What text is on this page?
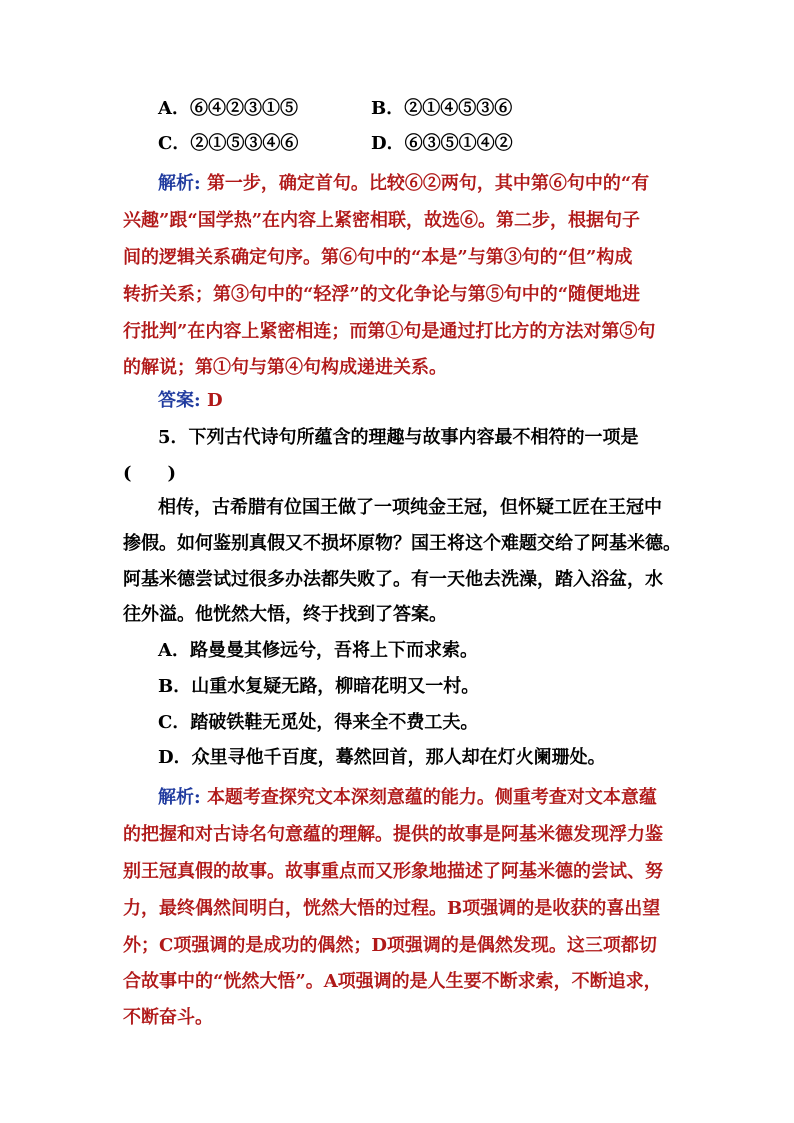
A．⑥④②③①⑤	B．②①④⑤③⑥
C．②①⑤③④⑥	D．⑥③⑤①④②
解析: 第一步，确定首句。比较⑥②两句，其中第⑥句中的“有
兴趣”跟“国学热”在内容上紧密相联，故选⑥。第二步，根据句子
间的逻辑关系确定句序。第⑥句中的“本是”与第③句的“但”构成
转折关系；第③句中的“轻浮”的文化争论与第⑤句中的“随便地进
行批判”在内容上紧密相连；而第①句是通过打比方的方法对第⑤句
的解说；第①句与第④句构成递进关系。
答案: D
5．下列古代诗句所蕴含的理趣与故事内容最不相符的一项是
(　　)
相传，古希腊有位国王做了一项纯金王冠，但怀疑工匠在王冠中
掺假。如何鉴别真假又不损坏原物？国王将这个难题交给了阿基米德。
阿基米德尝试过很多办法都失败了。有一天他去洗澡，踏入浴盆，水
往外溢。他恍然大悟，终于找到了答案。
A．路曼曼其修远兮，吾将上下而求索。
B．山重水复疑无路，柳暗花明又一村。
C．踏破铁鞋无觅处，得来全不费工夫。
D．众里寻他千百度，蓦然回首，那人却在灯火阑珊处。
解析: 本题考查探究文本深刻意蕴的能力。侧重考查对文本意蕴
的把握和对古诗名句意蕴的理解。提供的故事是阿基米德发现浮力鉴
别王冠真假的故事。故事重点而又形象地描述了阿基米德的尝试、努
力，最终偶然间明白，恍然大悟的过程。B项强调的是收获的喜出望
外；C项强调的是成功的偶然；D项强调的是偶然发现。这三项都切
合故事中的“恍然大悟”。A项强调的是人生要不断求索，不断追求，
不断奋斗。
